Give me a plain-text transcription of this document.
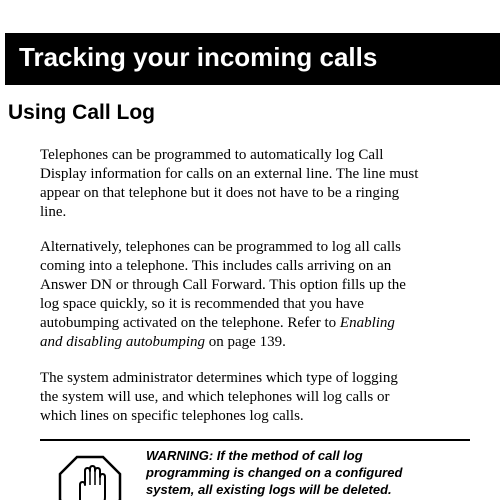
Tracking your incoming calls
Using Call Log

Telephones can be programmed to automatically log Call
Display information for calls on an external line. The line must
appear on that telephone but it does not have to be a ringing
line.

Alternatively, telephones can be programmed to log all calls
coming into a telephone. This includes calls arriving on an
Answer DN or through Call Forward. This option fills up the
log space quickly, so it is recommended that you have
autobumping activated on the telephone. Refer to Enabling
and disabling autobumping on page 139.

The system administrator determines which type of logging
the system will use, and which telephones will log calls or
which lines on specific telephones log calls.

WARNING: If the method of call log
programming is changed on a configured
system, all existing logs will be deleted.
